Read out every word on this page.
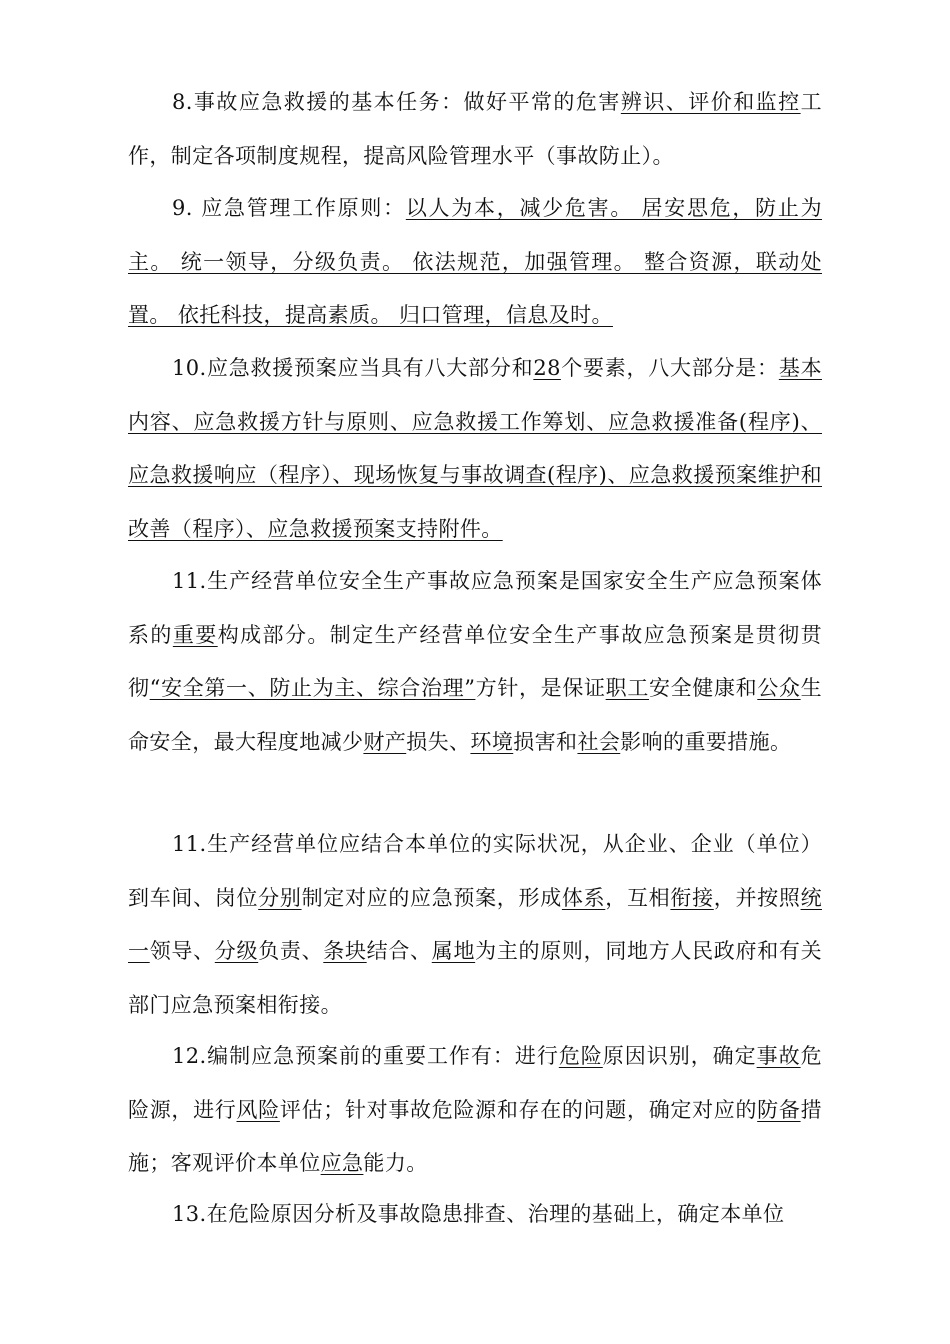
8.事故应急救援的基本任务：做好平常的危害辨识、评价和监控工作，制定各项制度规程，提高风险管理水平（事故防止）。

9. 应急管理工作原则：以人为本，减少危害。 居安思危，防止为主。 统一领导，分级负责。 依法规范，加强管理。 整合资源，联动处置。 依托科技，提高素质。 归口管理，信息及时。

10.应急救援预案应当具有八大部分和28个要素，八大部分是：基本内容、应急救援方针与原则、应急救援工作筹划、应急救援准备(程序)、应急救援响应（程序）、现场恢复与事故调查(程序)、应急救援预案维护和改善（程序）、应急救援预案支持附件。

11.生产经营单位安全生产事故应急预案是国家安全生产应急预案体系的重要构成部分。制定生产经营单位安全生产事故应急预案是贯彻贯彻“安全第一、防止为主、综合治理”方针，是保证职工安全健康和公众生命安全，最大程度地减少财产损失、环境损害和社会影响的重要措施。

11.生产经营单位应结合本单位的实际状况，从企业、企业（单位）到车间、岗位分别制定对应的应急预案，形成体系，互相衔接，并按照统一领导、分级负责、条块结合、属地为主的原则，同地方人民政府和有关部门应急预案相衔接。

12.编制应急预案前的重要工作有：进行危险原因识别，确定事故危险源，进行风险评估；针对事故危险源和存在的问题，确定对应的防备措施；客观评价本单位应急能力。

13.在危险原因分析及事故隐患排查、治理的基础上，确定本单位
